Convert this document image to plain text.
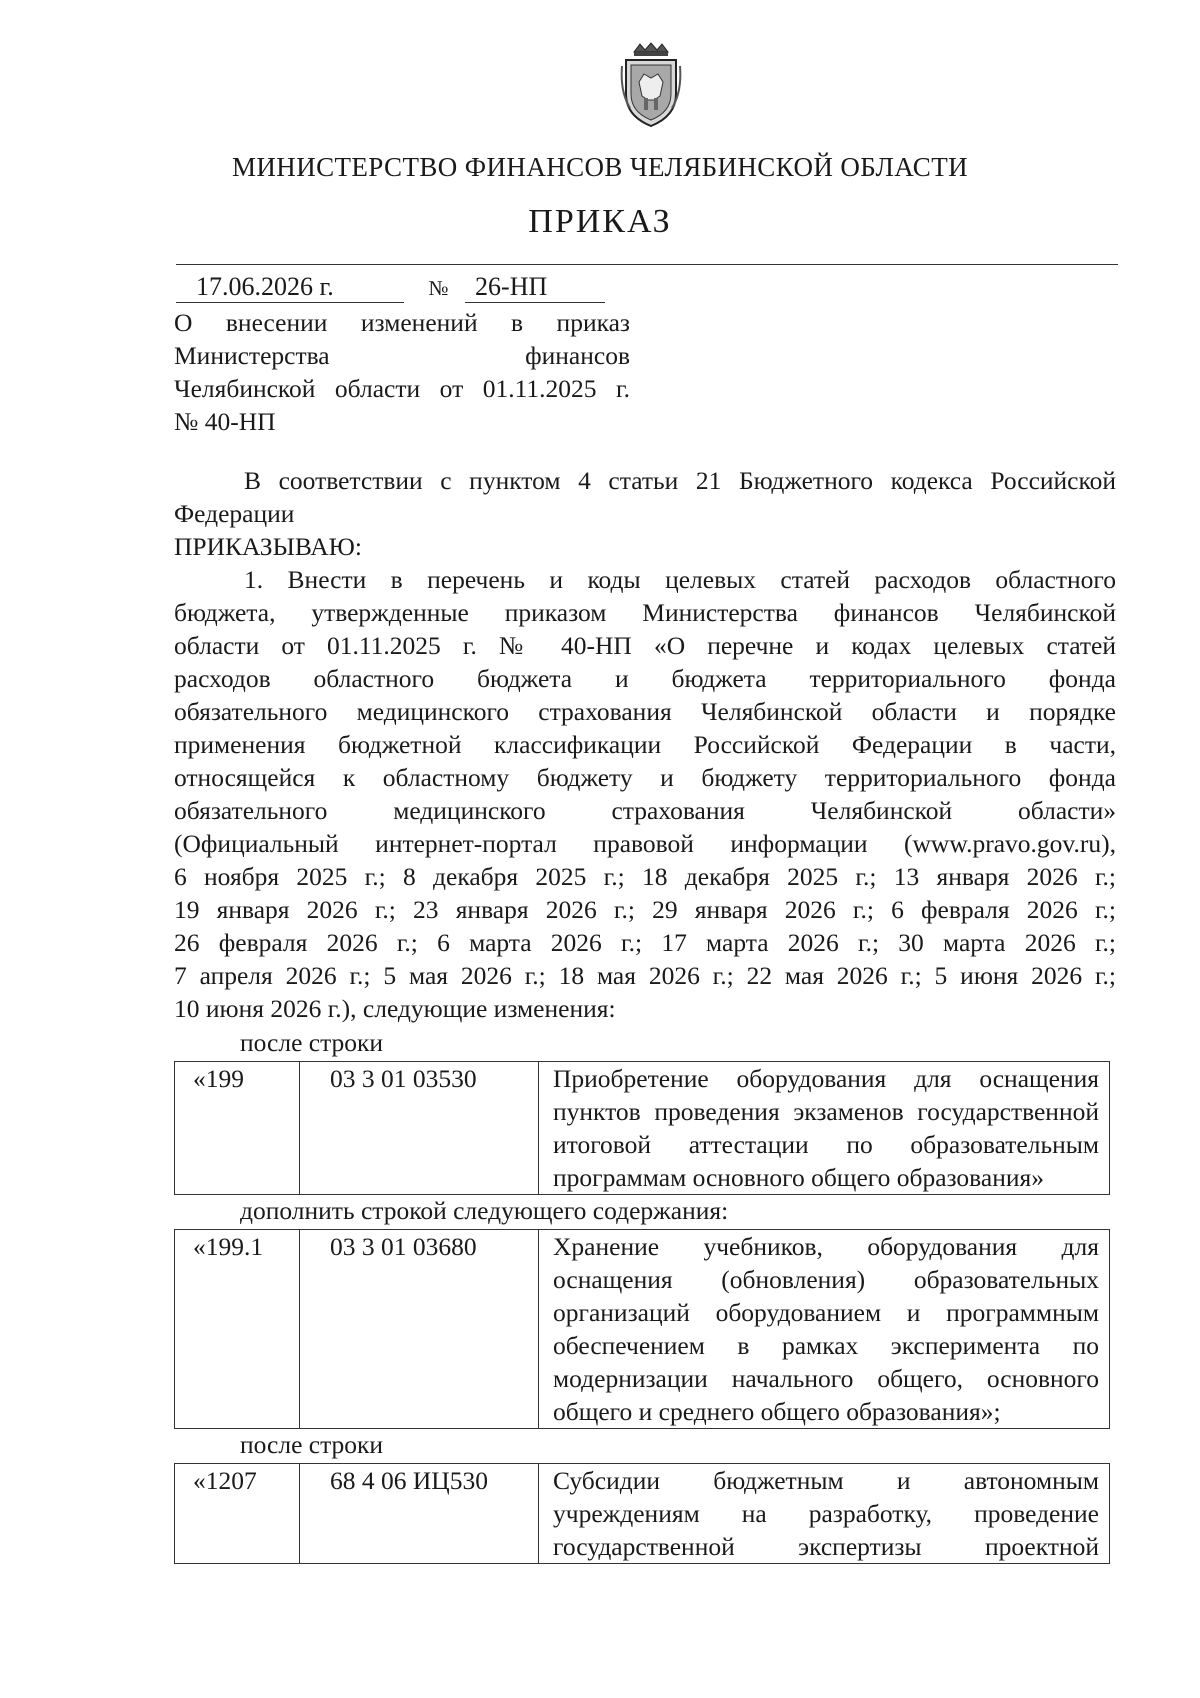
МИНИСТЕРСТВО ФИНАНСОВ ЧЕЛЯБИНСКОЙ ОБЛАСТИ
ПРИКАЗ
17.06.2026 г.	№ 26-НП
О внесении изменений в приказ
Министерства финансов
Челябинской области от 01.11.2025 г.
№ 40-НП
В соответствии с пунктом 4 статьи 21 Бюджетного кодекса Российской
Федерации
ПРИКАЗЫВАЮ:
1. Внести в перечень и коды целевых статей расходов областного
бюджета, утвержденные приказом Министерства финансов Челябинской
области от 01.11.2025 г. № 40-НП «О перечне и кодах целевых статей
расходов областного бюджета и бюджета территориального фонда
обязательного медицинского страхования Челябинской области и порядке
применения бюджетной классификации Российской Федерации в части,
относящейся к областному бюджету и бюджету территориального фонда
обязательного медицинского страхования Челябинской области»
(Официальный интернет-портал правовой информации (www.pravo.gov.ru),
6 ноября 2025 г.; 8 декабря 2025 г.; 18 декабря 2025 г.; 13 января 2026 г.;
19 января 2026 г.; 23 января 2026 г.; 29 января 2026 г.; 6 февраля 2026 г.;
26 февраля 2026 г.; 6 марта 2026 г.; 17 марта 2026 г.; 30 марта 2026 г.;
7 апреля 2026 г.; 5 мая 2026 г.; 18 мая 2026 г.; 22 мая 2026 г.; 5 июня 2026 г.;
10 июня 2026 г.), следующие изменения:
после строки
«199	03 3 01 03530	Приобретение оборудования для оснащения
пунктов проведения экзаменов государственной
итоговой аттестации по образовательным
программам основного общего образования»
дополнить строкой следующего содержания:
«199.1	03 3 01 03680	Хранение учебников, оборудования для
оснащения (обновления) образовательных
организаций оборудованием и программным
обеспечением в рамках эксперимента по
модернизации начального общего, основного
общего и среднего общего образования»;
после строки
«1207	68 4 06 ИЦ530	Субсидии бюджетным и автономным
учреждениям на разработку, проведение
государственной экспертизы проектной
